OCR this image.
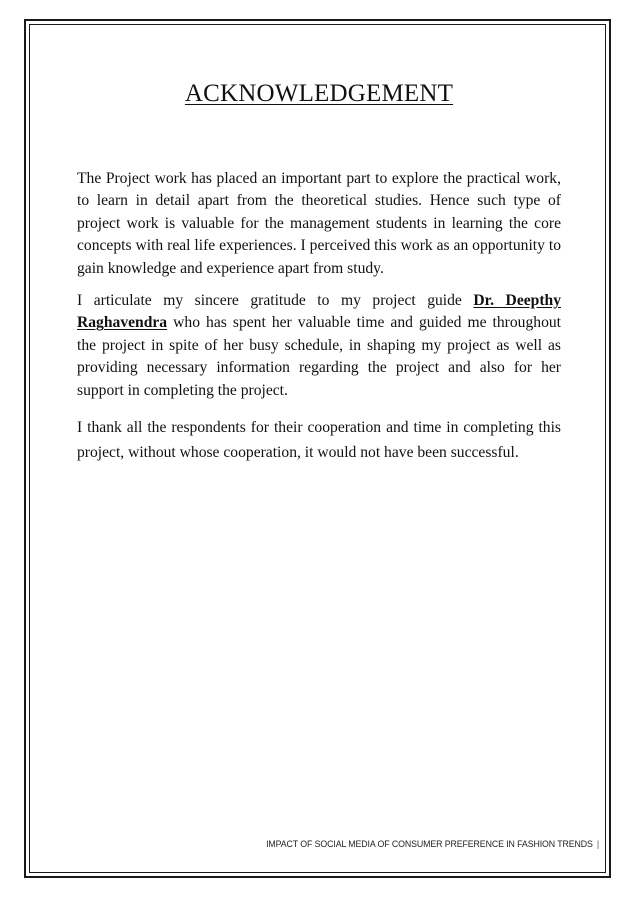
ACKNOWLEDGEMENT

The Project work has placed an important part to explore the practical work, to learn in detail apart from the theoretical studies. Hence such type of project work is valuable for the management students in learning the core concepts with real life experiences. I perceived this work as an opportunity to gain knowledge and experience apart from study.

I articulate my sincere gratitude to my project guide Dr. Deepthy Raghavendra who has spent her valuable time and guided me throughout the project in spite of her busy schedule, in shaping my project as well as providing necessary information regarding the project and also for her support in completing the project.

I thank all the respondents for their cooperation and time in completing this project, without whose cooperation, it would not have been successful.

IMPACT OF SOCIAL MEDIA OF CONSUMER PREFERENCE IN FASHION TRENDS |
